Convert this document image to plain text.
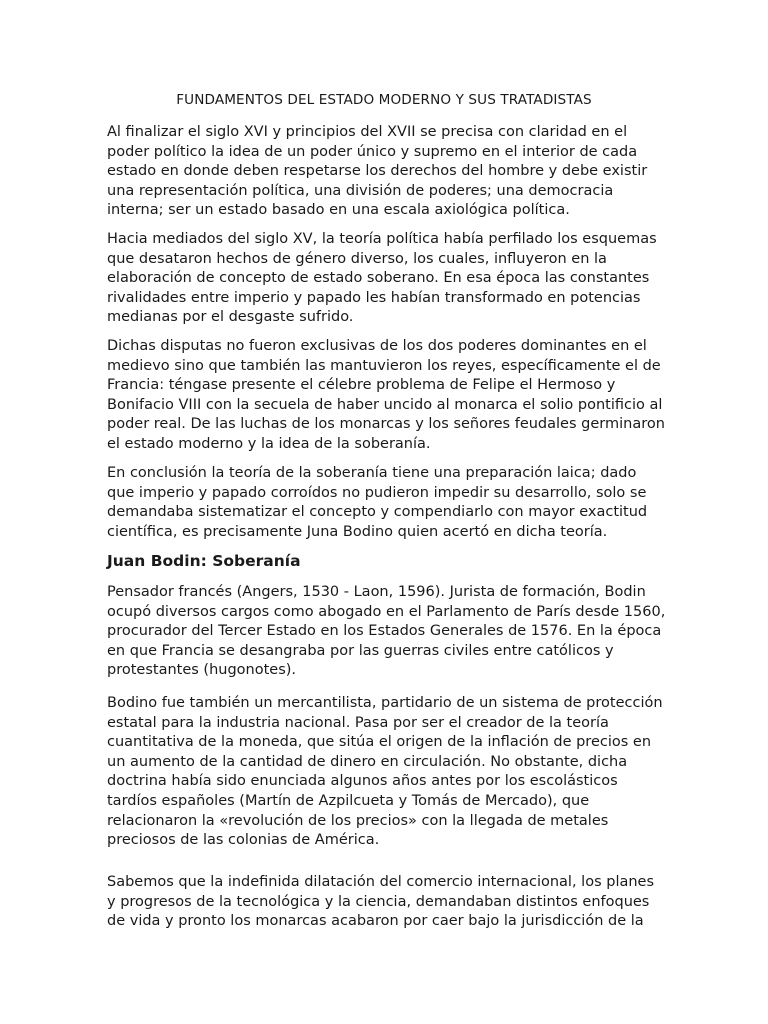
FUNDAMENTOS DEL ESTADO MODERNO Y SUS TRATADISTAS

Al finalizar el siglo XVI y principios del XVII se precisa con claridad en el poder político la idea de un poder único y supremo en el interior de cada estado en donde deben respetarse los derechos del hombre y debe existir una representación política, una división de poderes; una democracia interna; ser un estado basado en una escala axiológica política.

Hacia mediados del siglo XV, la teoría política había perfilado los esquemas que desataron hechos de género diverso, los cuales, influyeron en la elaboración de concepto de estado soberano. En esa época las constantes rivalidades entre imperio y papado les habían transformado en potencias medianas por el desgaste sufrido.

Dichas disputas no fueron exclusivas de los dos poderes dominantes en el medievo sino que también las mantuvieron los reyes, específicamente el de Francia: téngase presente el célebre problema de Felipe el Hermoso y Bonifacio VIII con la secuela de haber uncido al monarca el solio pontificio al poder real. De las luchas de los monarcas y los señores feudales germinaron el estado moderno y la idea de la soberanía.

En conclusión la teoría de la soberanía tiene una preparación laica; dado que imperio y papado corroídos no pudieron impedir su desarrollo, solo se demandaba sistematizar el concepto y compendiarlo con mayor exactitud científica, es precisamente Juna Bodino quien acertó en dicha teoría.

Juan Bodin: Soberanía

Pensador francés (Angers, 1530 - Laon, 1596). Jurista de formación, Bodin ocupó diversos cargos como abogado en el Parlamento de París desde 1560, procurador del Tercer Estado en los Estados Generales de 1576. En la época en que Francia se desangraba por las guerras civiles entre católicos y protestantes (hugonotes).

Bodino fue también un mercantilista, partidario de un sistema de protección estatal para la industria nacional. Pasa por ser el creador de la teoría cuantitativa de la moneda, que sitúa el origen de la inflación de precios en un aumento de la cantidad de dinero en circulación. No obstante, dicha doctrina había sido enunciada algunos años antes por los escolásticos tardíos españoles (Martín de Azpilcueta y Tomás de Mercado), que relacionaron la «revolución de los precios» con la llegada de metales preciosos de las colonias de América.

Sabemos que la indefinida dilatación del comercio internacional, los planes y progresos de la tecnológica y la ciencia, demandaban distintos enfoques de vida y pronto los monarcas acabaron por caer bajo la jurisdicción de la
